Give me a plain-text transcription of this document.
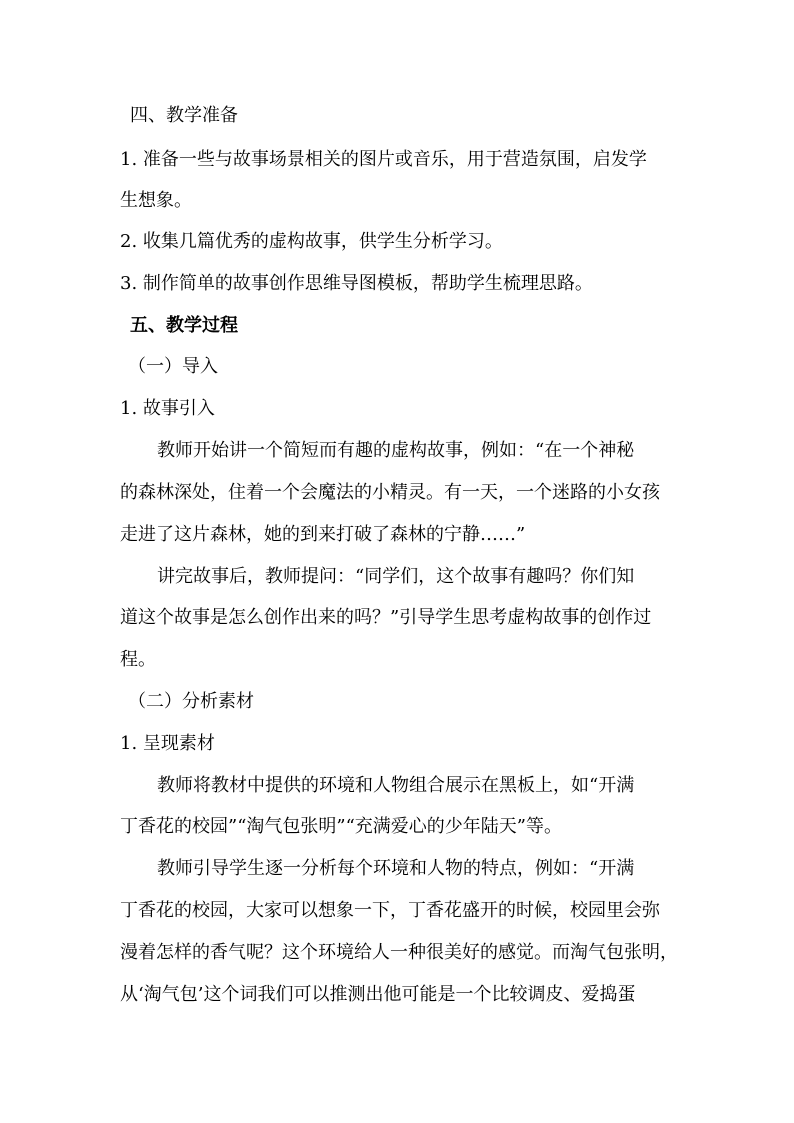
四、教学准备
1. 准备一些与故事场景相关的图片或音乐，用于营造氛围，启发学
生想象。
2. 收集几篇优秀的虚构故事，供学生分析学习。
3. 制作简单的故事创作思维导图模板，帮助学生梳理思路。
五、教学过程
（一）导入
1. 故事引入
教师开始讲一个简短而有趣的虚构故事，例如：“在一个神秘
的森林深处，住着一个会魔法的小精灵。有一天，一个迷路的小女孩
走进了这片森林，她的到来打破了森林的宁静……”
讲完故事后，教师提问：“同学们，这个故事有趣吗？你们知
道这个故事是怎么创作出来的吗？”引导学生思考虚构故事的创作过
程。
（二）分析素材
1. 呈现素材
教师将教材中提供的环境和人物组合展示在黑板上，如“开满
丁香花的校园”“淘气包张明”“充满爱心的少年陆天”等。
教师引导学生逐一分析每个环境和人物的特点，例如：“开满
丁香花的校园，大家可以想象一下，丁香花盛开的时候，校园里会弥
漫着怎样的香气呢？这个环境给人一种很美好的感觉。而淘气包张明，
从‘淘气包’这个词我们可以推测出他可能是一个比较调皮、爱捣蛋
